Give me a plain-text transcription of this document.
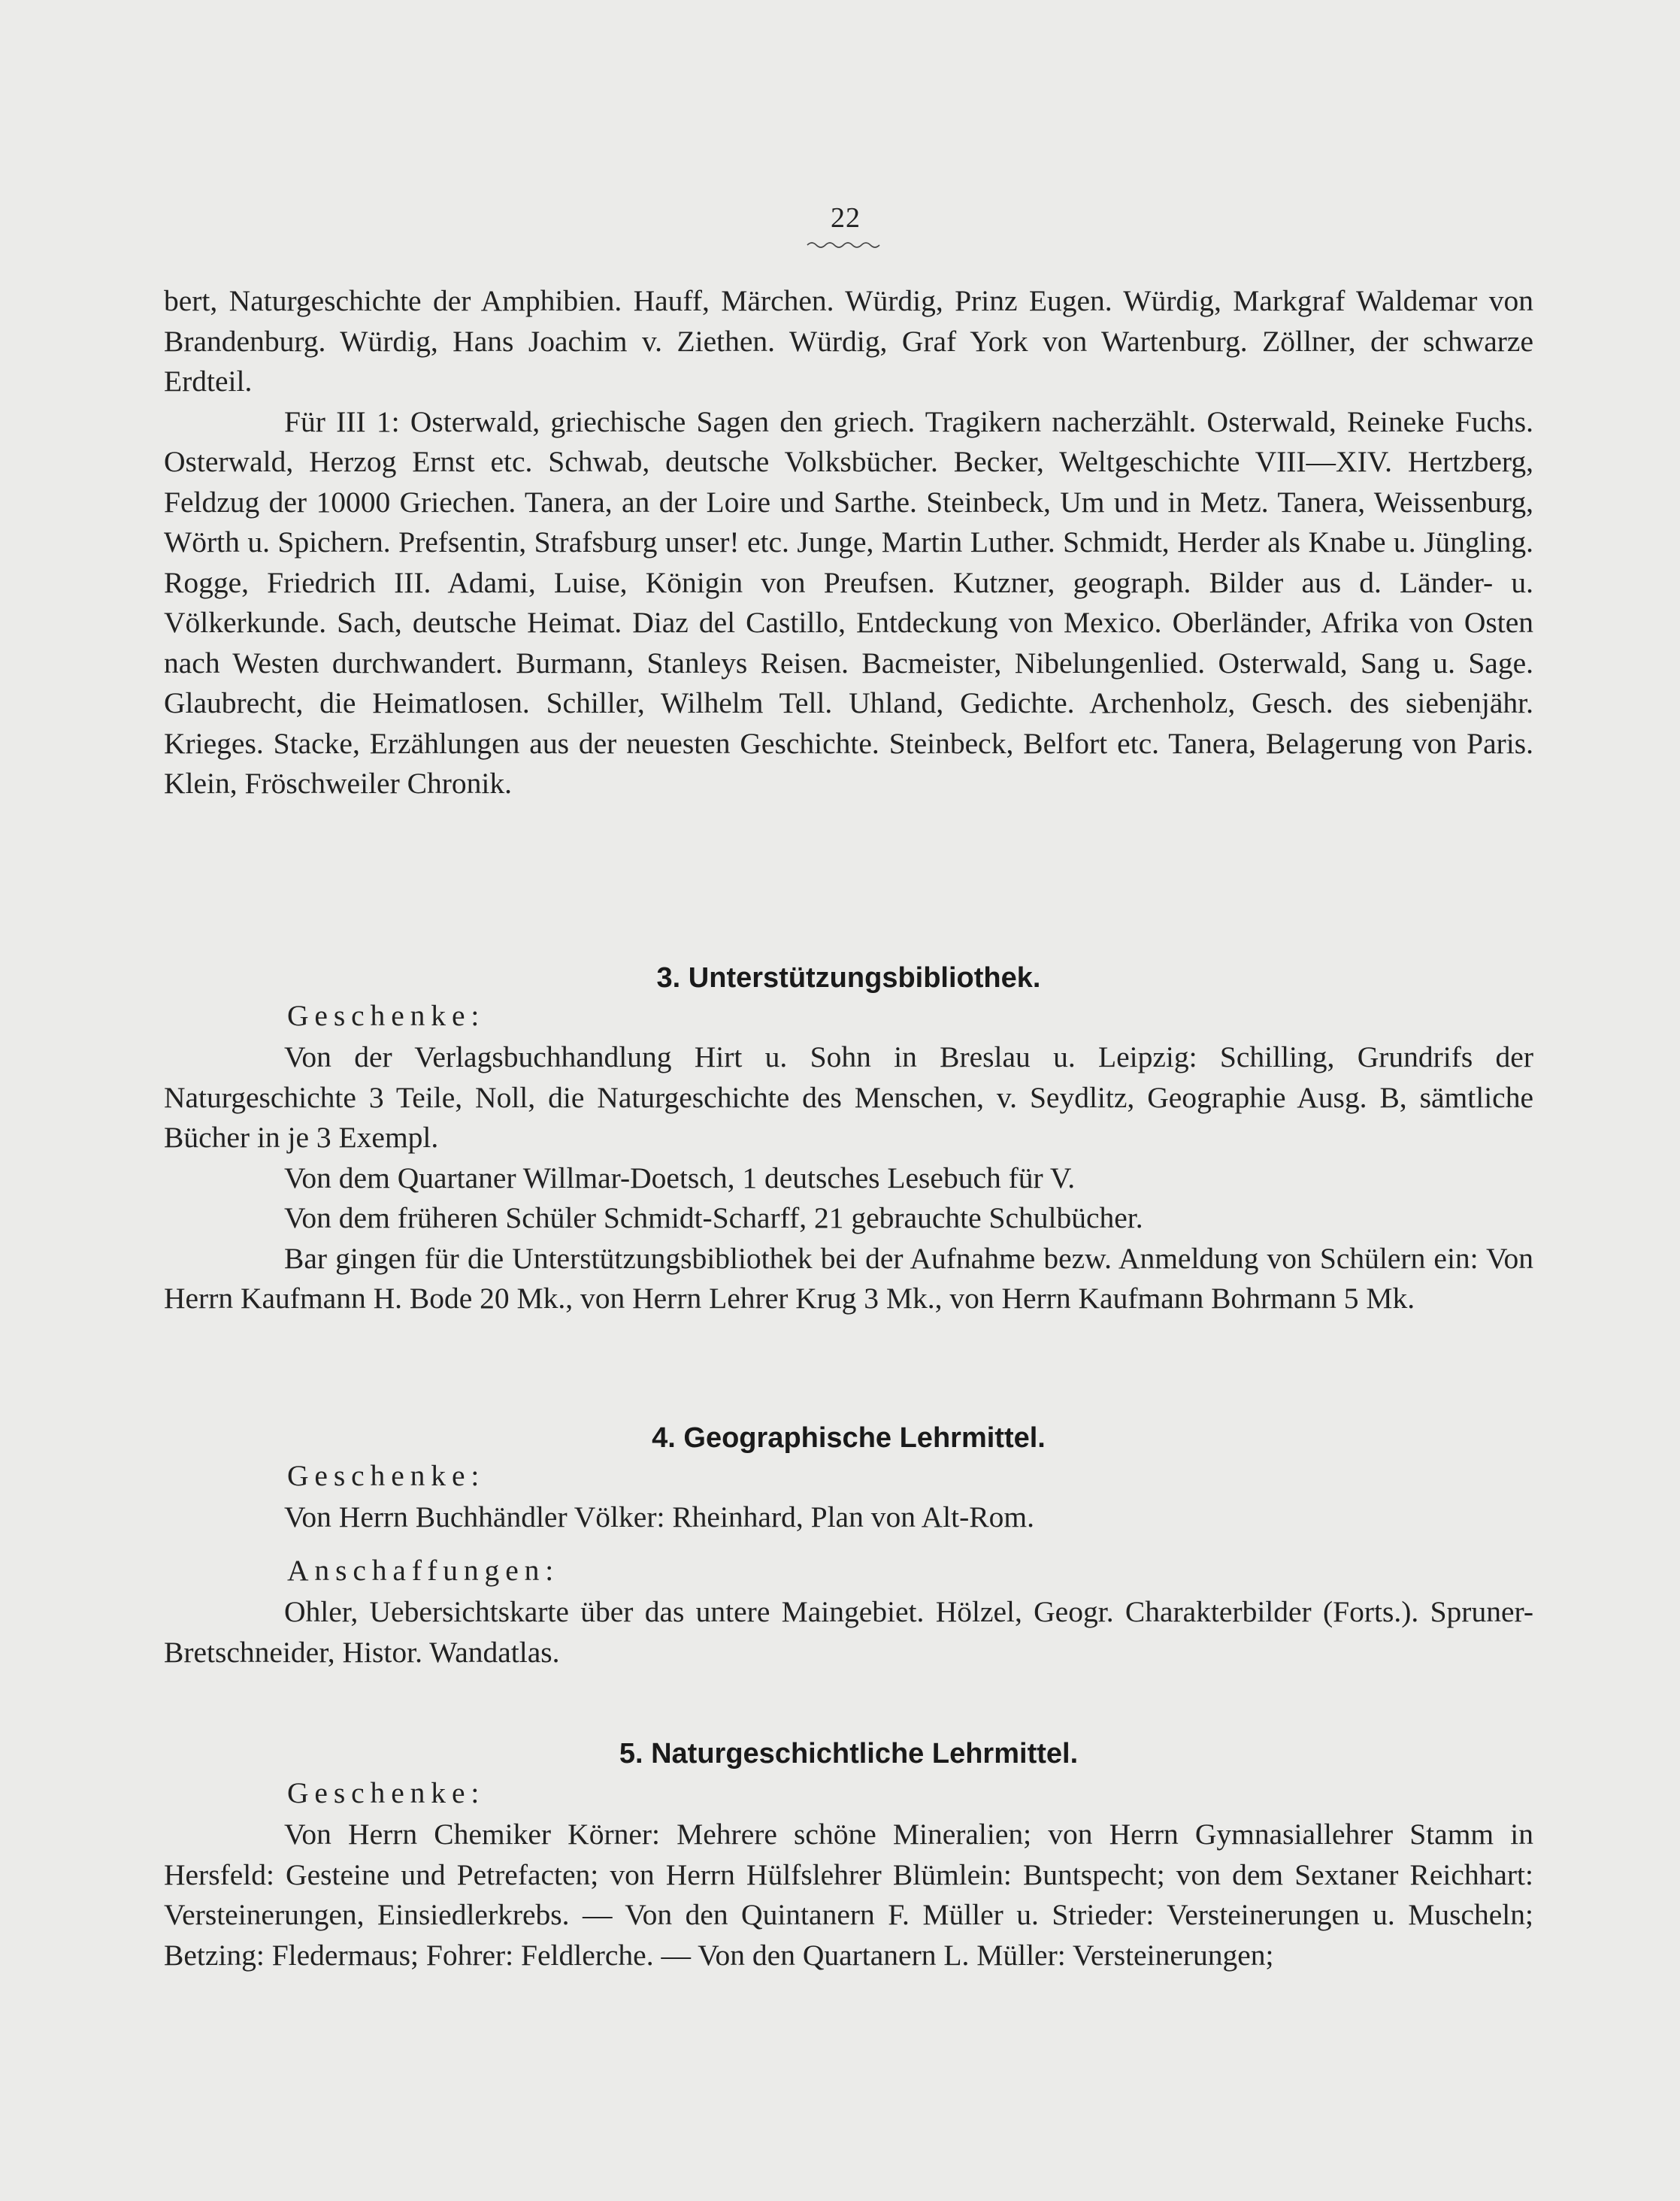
22

bert, Naturgeschichte der Amphibien. Hauff, Märchen. Würdig, Prinz Eugen. Würdig, Markgraf Waldemar von Brandenburg. Würdig, Hans Joachim v. Ziethen. Würdig, Graf York von Wartenburg. Zöllner, der schwarze Erdteil.

Für III 1: Osterwald, griechische Sagen den griech. Tragikern nacherzählt. Osterwald, Reineke Fuchs. Osterwald, Herzog Ernst etc. Schwab, deutsche Volksbücher. Becker, Weltgeschichte VIII—XIV. Hertzberg, Feldzug der 10000 Griechen. Tanera, an der Loire und Sarthe. Steinbeck, Um und in Metz. Tanera, Weissenburg, Wörth u. Spichern. Prefsentin, Strafsburg unser! etc. Junge, Martin Luther. Schmidt, Herder als Knabe u. Jüngling. Rogge, Friedrich III. Adami, Luise, Königin von Preufsen. Kutzner, geograph. Bilder aus d. Länder- u. Völkerkunde. Sach, deutsche Heimat. Diaz del Castillo, Entdeckung von Mexico. Oberländer, Afrika von Osten nach Westen durchwandert. Burmann, Stanleys Reisen. Bacmeister, Nibelungenlied. Osterwald, Sang u. Sage. Glaubrecht, die Heimatlosen. Schiller, Wilhelm Tell. Uhland, Gedichte. Archenholz, Gesch. des siebenjähr. Krieges. Stacke, Erzählungen aus der neuesten Geschichte. Steinbeck, Belfort etc. Tanera, Belagerung von Paris. Klein, Fröschweiler Chronik.

3. Unterstützungsbibliothek.
Geschenke:

Von der Verlagsbuchhandlung Hirt u. Sohn in Breslau u. Leipzig: Schilling, Grundrifs der Naturgeschichte 3 Teile, Noll, die Naturgeschichte des Menschen, v. Seydlitz, Geographie Ausg. B, sämtliche Bücher in je 3 Exempl.

Von dem Quartaner Willmar-Doetsch, 1 deutsches Lesebuch für V.

Von dem früheren Schüler Schmidt-Scharff, 21 gebrauchte Schulbücher.

Bar gingen für die Unterstützungsbibliothek bei der Aufnahme bezw. Anmeldung von Schülern ein: Von Herrn Kaufmann H. Bode 20 Mk., von Herrn Lehrer Krug 3 Mk., von Herrn Kaufmann Bohrmann 5 Mk.

4. Geographische Lehrmittel.
Geschenke:

Von Herrn Buchhändler Völker: Rheinhard, Plan von Alt-Rom.

Anschaffungen:

Ohler, Uebersichtskarte über das untere Maingebiet. Hölzel, Geogr. Charakterbilder (Forts.). Spruner-Bretschneider, Histor. Wandatlas.

5. Naturgeschichtliche Lehrmittel.
Geschenke:

Von Herrn Chemiker Körner: Mehrere schöne Mineralien; von Herrn Gymnasiallehrer Stamm in Hersfeld: Gesteine und Petrefacten; von Herrn Hülfslehrer Blümlein: Buntspecht; von dem Sextaner Reichhart: Versteinerungen, Einsiedlerkrebs. — Von den Quintanern F. Müller u. Strieder: Versteinerungen u. Muscheln; Betzing: Fledermaus; Fohrer: Feldlerche. — Von den Quartanern L. Müller: Versteinerungen;
